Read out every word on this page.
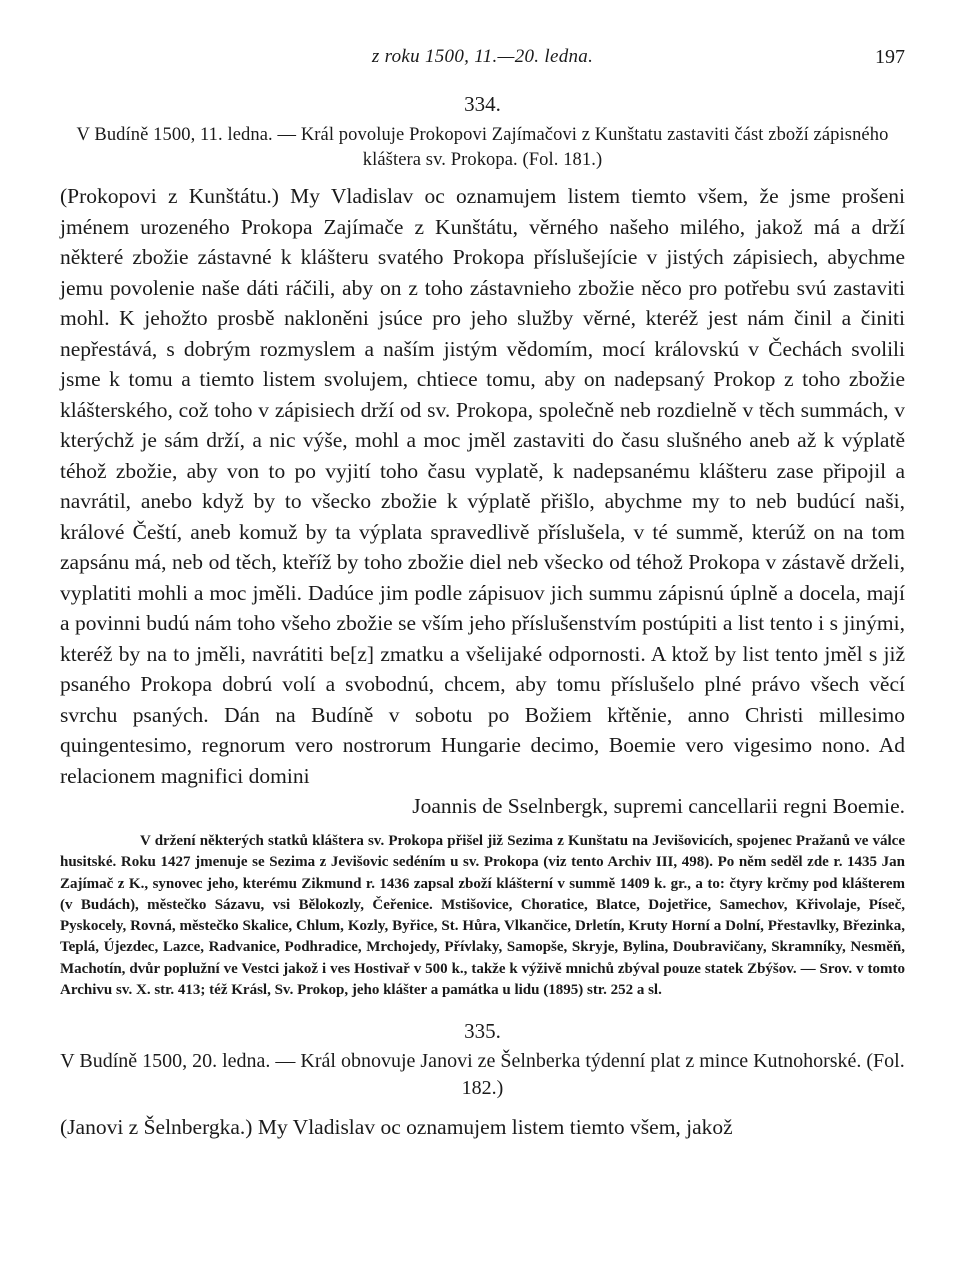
z roku 1500, 11.—20. ledna.	197
334.
V Budíně 1500, 11. ledna. — Král povoluje Prokopovi Zajímačovi z Kunštatu zastaviti část zboží zápisného kláštera sv. Prokopa. (Fol. 181.)

(Prokopovi z Kunštátu.) My Vladislav oc oznamujem listem tiemto všem, že jsme prošeni jménem urozeného Prokopa Zajímače z Kunštátu, věrného našeho milého, jakož má a drží některé zbožie zástavné k klášteru svatého Prokopa příslušejície v jistých zápisiech, abychme jemu povolenie naše dáti ráčili, aby on z toho zástavnieho zbožie něco pro potřebu svú zastaviti mohl. K jehožto prosbě nakloněni jsúce pro jeho služby věrné, kteréž jest nám činil a činiti nepřestává, s dobrým rozmyslem a naším jistým vědomím, mocí královskú v Čechách svolili jsme k tomu a tiemto listem svolujem, chtiece tomu, aby on nadepsaný Prokop z toho zbožie klášterského, což toho v zápisiech drží od sv. Prokopa, společně neb rozdielně v těch summách, v kterýchž je sám drží, a nic výše, mohl a moc jměl zastaviti do času slušného aneb až k výplatě téhož zbožie, aby von to po vyjití toho času vyplatě, k nadepsanému klášteru zase připojil a navrátil, anebo když by to všecko zbožie k výplatě přišlo, abychme my to neb budúcí naši, králové Čeští, aneb komuž by ta výplata spravedlivě příslušela, v té summě, kterúž on na tom zapsánu má, neb od těch, kteříž by toho zbožie diel neb všecko od téhož Prokopa v zástavě drželi, vyplatiti mohli a moc jměli. Dadúce jim podle zápisuov jich summu zápisnú úplně a docela, mají a povinni budú nám toho všeho zbožie se vším jeho příslušenstvím postúpiti a list tento i s jinými, kteréž by na to jměli, navrátiti be[z] zmatku a všelijaké odpornosti. A ktož by list tento jměl s již psaného Prokopa dobrú volí a svobodnú, chcem, aby tomu příslušelo plné právo všech věcí svrchu psaných. Dán na Budíně v sobotu po Božiem křtěnie, anno Christi millesimo quingentesimo, regnorum vero nostrorum Hungarie decimo, Boemie vero vigesimo nono. Ad relacionem magnifici domini

Joannis de Sselnbergk, supremi cancellarii regni Boemie.
V držení některých statků kláštera sv. Prokopa přišel již Sezima z Kunštatu na Jevišovicích, spojenec Pražanů ve válce husitské. Roku 1427 jmenuje se Sezima z Jevišovic sedéním u sv. Prokopa (viz tento Archiv III, 498). Po něm seděl zde r. 1435 Jan Zajímač z K., synovec jeho, kterému Zikmund r. 1436 zapsal zboží klášterní v summě 1409 k. gr., a to: čtyry krčmy pod klášterem (v Budách), městečko Sázavu, vsi Bělokozly, Čeřenice. Mstišovice, Choratice, Blatce, Dojetřice, Samechov, Křivolaje, Píseč, Pyskocely, Rovná, městečko Skalice, Chlum, Kozly, Byřice, St. Hůra, Vlkančice, Drletín, Kruty Horní a Dolní, Přestavlky, Březinka, Teplá, Újezdec, Lazce, Radvanice, Podhradice, Mrchojedy, Přívlaky, Samopše, Skryje, Bylina, Doubravičany, Skramníky, Nesměň, Machotín, dvůr poplužní ve Vestci jakož i ves Hostivař v 500 k., takže k výživě mnichů zbýval pouze statek Zbýšov. — Srov. v tomto Archivu sv. X. str. 413; též Krásl, Sv. Prokop, jeho klášter a památka u lidu (1895) str. 252 a sl.
335.
V Budíně 1500, 20. ledna. — Král obnovuje Janovi ze Šelnberka týdenní plat z mince Kutnohorské. (Fol. 182.)
(Janovi z Šelnbergka.) My Vladislav oc oznamujem listem tiemto všem, jakož
